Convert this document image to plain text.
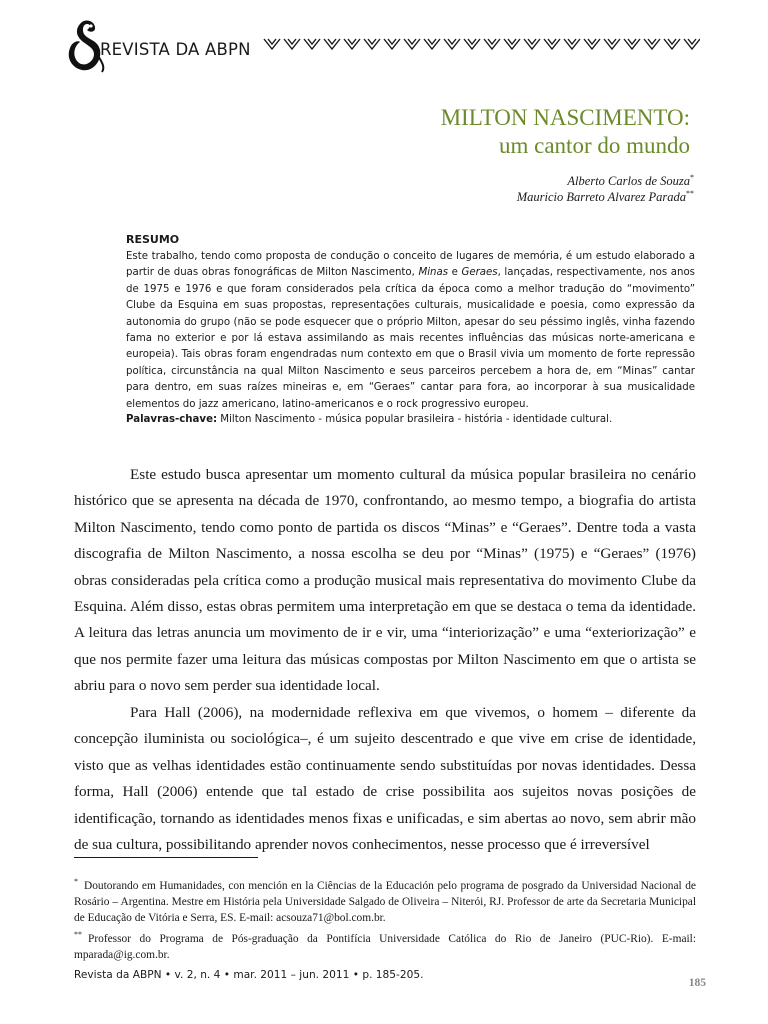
REVISTA DA ABPN
MILTON NASCIMENTO:
um cantor do mundo
Alberto Carlos de Souza*
Mauricio Barreto Alvarez Parada**
RESUMO
Este trabalho, tendo como proposta de condução o conceito de lugares de memória, é um estudo elaborado a partir de duas obras fonográficas de Milton Nascimento, Minas e Geraes, lançadas, respectivamente, nos anos de 1975 e 1976 e que foram considerados pela crítica da época como a melhor tradução do “movimento” Clube da Esquina em suas propostas, representações culturais, musicalidade e poesia, como expressão da autonomia do grupo (não se pode esquecer que o próprio Milton, apesar do seu péssimo inglês, vinha fazendo fama no exterior e por lá estava assimilando as mais recentes influências das músicas norte-americana e europeia). Tais obras foram engendradas num contexto em que o Brasil vivia um momento de forte repressão política, circunstância na qual Milton Nascimento e seus parceiros percebem a hora de, em “Minas” cantar para dentro, em suas raízes mineiras e, em “Geraes” cantar para fora, ao incorporar à sua musicalidade elementos do jazz americano, latino-americanos e o rock progressivo europeu.
Palavras-chave: Milton Nascimento - música popular brasileira - história - identidade cultural.

Este estudo busca apresentar um momento cultural da música popular brasileira no cenário histórico que se apresenta na década de 1970, confrontando, ao mesmo tempo, a biografia do artista Milton Nascimento, tendo como ponto de partida os discos “Minas” e “Geraes”. Dentre toda a vasta discografia de Milton Nascimento, a nossa escolha se deu por “Minas” (1975) e “Geraes” (1976) obras consideradas pela crítica como a produção musical mais representativa do movimento Clube da Esquina. Além disso, estas obras permitem uma interpretação em que se destaca o tema da identidade. A leitura das letras anuncia um movimento de ir e vir, uma “interiorização” e uma “exteriorização” e que nos permite fazer uma leitura das músicas compostas por Milton Nascimento em que o artista se abriu para o novo sem perder sua identidade local.

Para Hall (2006), na modernidade reflexiva em que vivemos, o homem – diferente da concepção iluminista ou sociológica–, é um sujeito descentrado e que vive em crise de identidade, visto que as velhas identidades estão continuamente sendo substituídas por novas identidades. Dessa forma, Hall (2006) entende que tal estado de crise possibilita aos sujeitos novas posições de identificação, tornando as identidades menos fixas e unificadas, e sim abertas ao novo, sem abrir mão de sua cultura, possibilitando aprender novos conhecimentos, nesse processo que é irreversível

* Doutorando em Humanidades, con mención en la Ciências de la Educación pelo programa de posgrado da Universidad Nacional de Rosário – Argentina. Mestre em História pela Universidade Salgado de Oliveira – Niterói, RJ. Professor de arte da Secretaria Municipal de Educação de Vitória e Serra, ES. E-mail: acsouza71@bol.com.br.
** Professor do Programa de Pós-graduação da Pontifícia Universidade Católica do Rio de Janeiro (PUC-Rio). E-mail: mparada@ig.com.br.
Revista da ABPN • v. 2, n. 4 • mar. 2011 – jun. 2011 • p. 185-205.
185
